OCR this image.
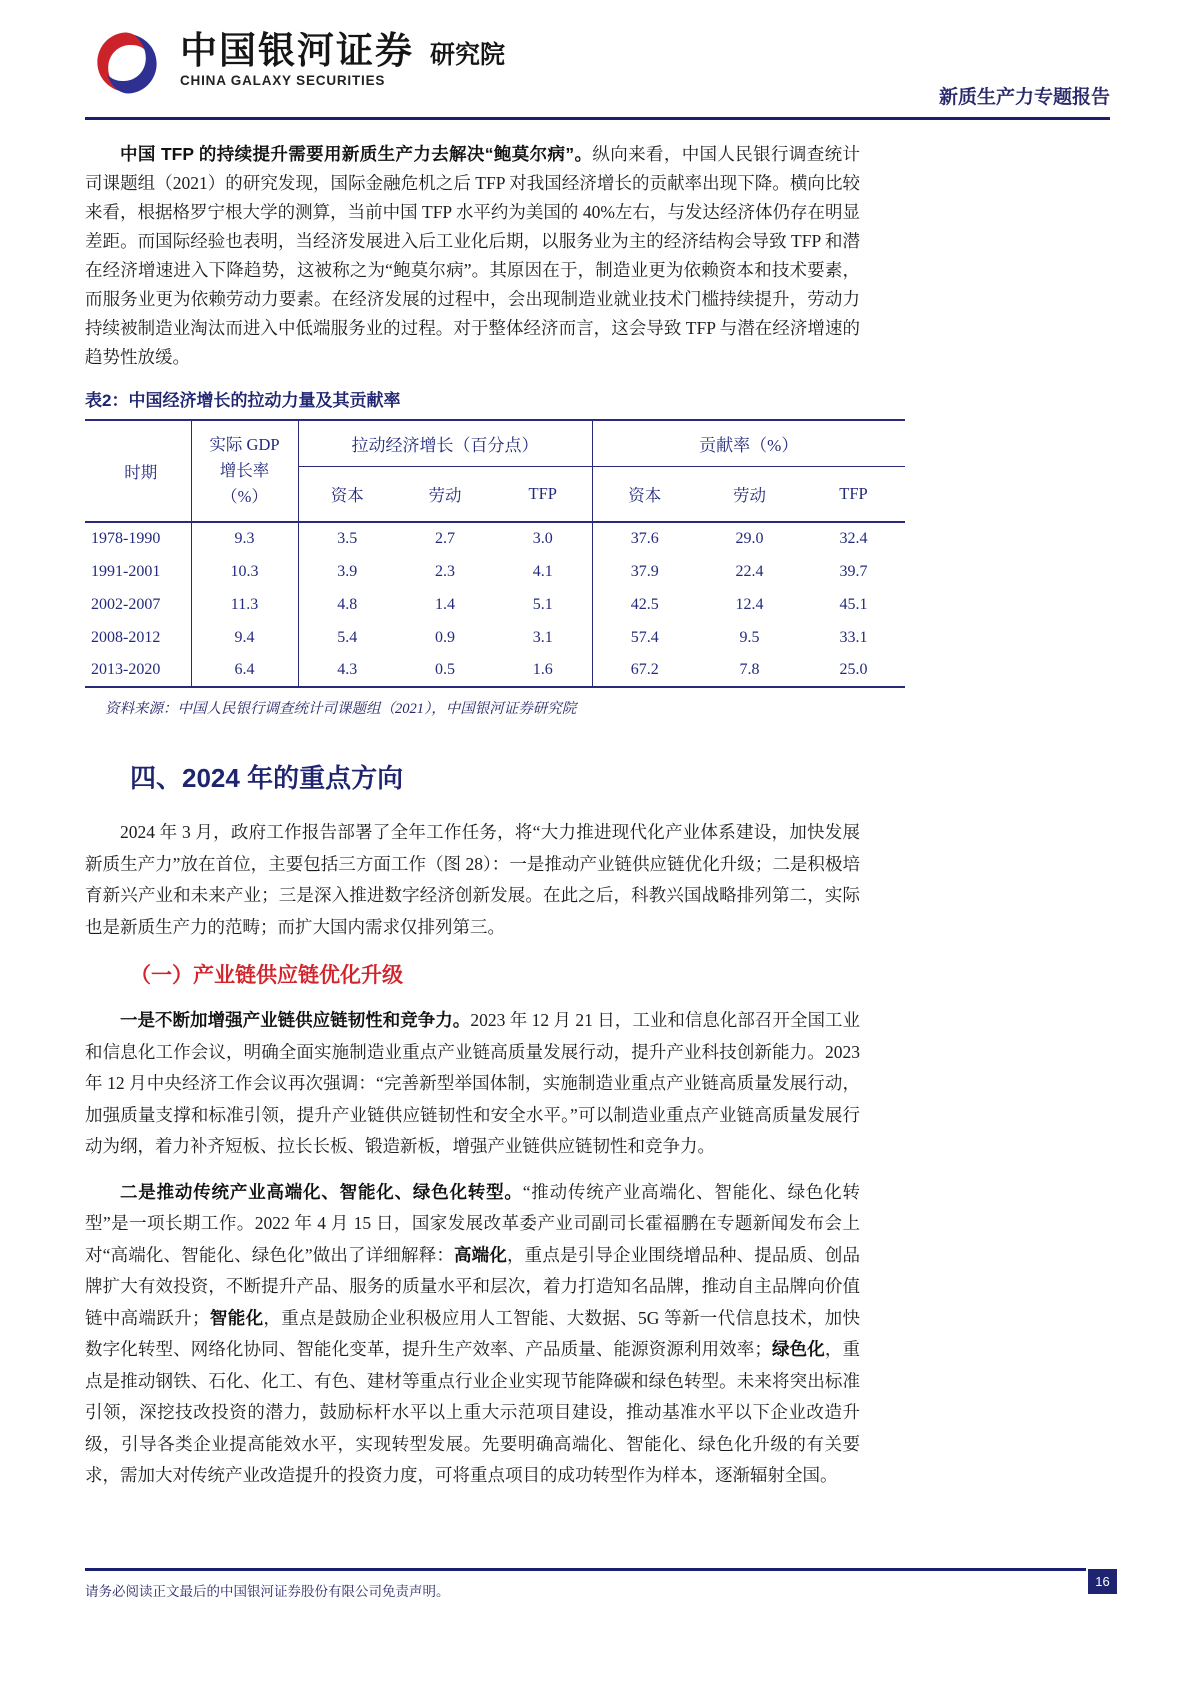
中国银河证券 研究院
CHINA GALAXY SECURITIES
新质生产力专题报告

中国 TFP 的持续提升需要用新质生产力去解决“鲍莫尔病”。纵向来看，中国人民银行调查统计司课题组（2021）的研究发现，国际金融危机之后 TFP 对我国经济增长的贡献率出现下降。横向比较来看，根据格罗宁根大学的测算，当前中国 TFP 水平约为美国的 40%左右，与发达经济体仍存在明显差距。而国际经验也表明，当经济发展进入后工业化后期，以服务业为主的经济结构会导致 TFP 和潜在经济增速进入下降趋势，这被称之为“鲍莫尔病”。其原因在于，制造业更为依赖资本和技术要素，而服务业更为依赖劳动力要素。在经济发展的过程中，会出现制造业就业技术门槛持续提升，劳动力持续被制造业淘汰而进入中低端服务业的过程。对于整体经济而言，这会导致 TFP 与潜在经济增速的趋势性放缓。

表2：中国经济增长的拉动力量及其贡献率
时期	实际 GDP
增长率
（%）	拉动经济增长（百分点）			贡献率（%）		
		资本	劳动	TFP	资本	劳动	TFP
1978-1990	9.3	3.5	2.7	3.0	37.6	29.0	32.4
1991-2001	10.3	3.9	2.3	4.1	37.9	22.4	39.7
2002-2007	11.3	4.8	1.4	5.1	42.5	12.4	45.1
2008-2012	9.4	5.4	0.9	3.1	57.4	9.5	33.1
2013-2020	6.4	4.3	0.5	1.6	67.2	7.8	25.0
资料来源：中国人民银行调查统计司课题组（2021），中国银河证券研究院
四、2024 年的重点方向

2024 年 3 月，政府工作报告部署了全年工作任务，将“大力推进现代化产业体系建设，加快发展新质生产力”放在首位，主要包括三方面工作（图 28）：一是推动产业链供应链优化升级；二是积极培育新兴产业和未来产业；三是深入推进数字经济创新发展。在此之后，科教兴国战略排列第二，实际也是新质生产力的范畴；而扩大国内需求仅排列第三。

（一）产业链供应链优化升级

一是不断加增强产业链供应链韧性和竞争力。2023 年 12 月 21 日，工业和信息化部召开全国工业和信息化工作会议，明确全面实施制造业重点产业链高质量发展行动，提升产业科技创新能力。2023 年 12 月中央经济工作会议再次强调：“完善新型举国体制，实施制造业重点产业链高质量发展行动，加强质量支撑和标准引领，提升产业链供应链韧性和安全水平。”可以制造业重点产业链高质量发展行动为纲，着力补齐短板、拉长长板、锻造新板，增强产业链供应链韧性和竞争力。

二是推动传统产业高端化、智能化、绿色化转型。“推动传统产业高端化、智能化、绿色化转型”是一项长期工作。2022 年 4 月 15 日，国家发展改革委产业司副司长霍福鹏在专题新闻发布会上对“高端化、智能化、绿色化”做出了详细解释：高端化，重点是引导企业围绕增品种、提品质、创品牌扩大有效投资，不断提升产品、服务的质量水平和层次，着力打造知名品牌，推动自主品牌向价值链中高端跃升；智能化，重点是鼓励企业积极应用人工智能、大数据、5G 等新一代信息技术，加快数字化转型、网络化协同、智能化变革，提升生产效率、产品质量、能源资源利用效率；绿色化，重点是推动钢铁、石化、化工、有色、建材等重点行业企业实现节能降碳和绿色转型。未来将突出标准引领，深挖技改投资的潜力，鼓励标杆水平以上重大示范项目建设，推动基准水平以下企业改造升级，引导各类企业提高能效水平，实现转型发展。先要明确高端化、智能化、绿色化升级的有关要求，需加大对传统产业改造提升的投资力度，可将重点项目的成功转型作为样本，逐渐辐射全国。

请务必阅读正文最后的中国银河证券股份有限公司免责声明。
16
